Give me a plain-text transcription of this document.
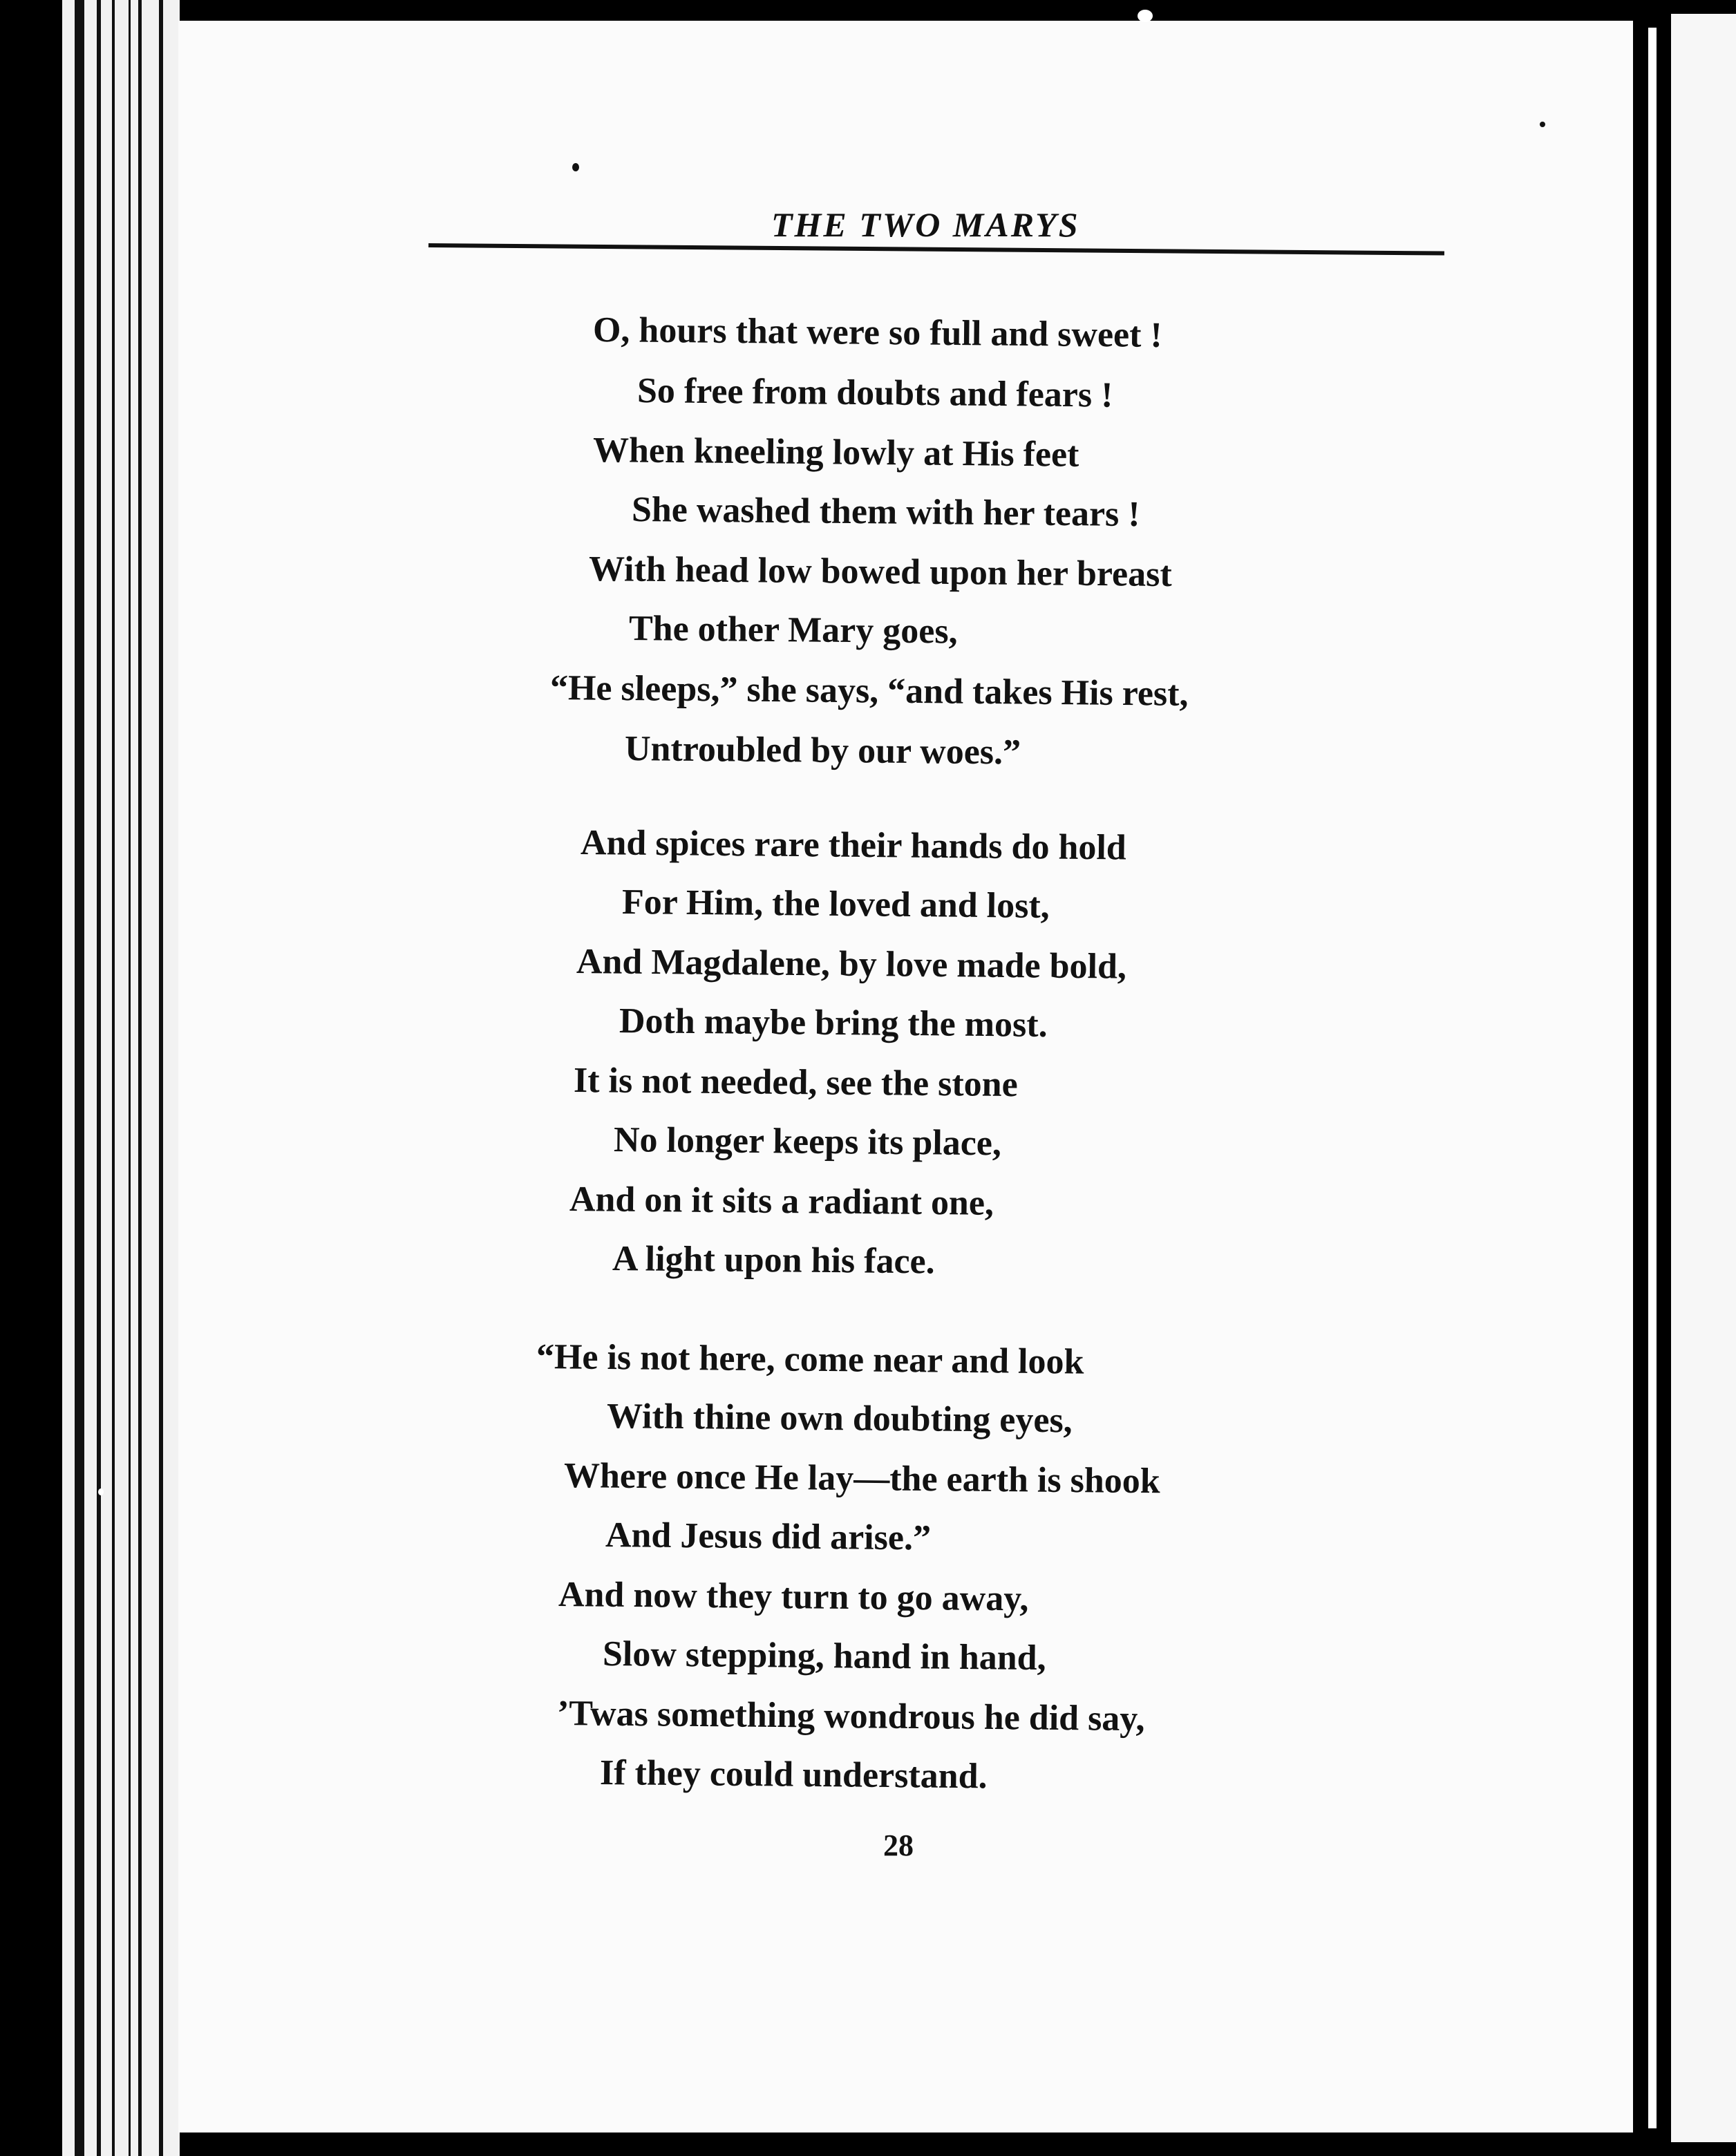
THE TWO MARYS
O, hours that were so full and sweet !
So free from doubts and fears !
When kneeling lowly at His feet
She washed them with her tears !
With head low bowed upon her breast
The other Mary goes,
“He sleeps,” she says, “and takes His rest,
Untroubled by our woes.”
And spices rare their hands do hold
For Him, the loved and lost,
And Magdalene, by love made bold,
Doth maybe bring the most.
It is not needed, see the stone
No longer keeps its place,
And on it sits a radiant one,
A light upon his face.
“He is not here, come near and look
With thine own doubting eyes,
Where once He lay—the earth is shook
And Jesus did arise.”
And now they turn to go away,
Slow stepping, hand in hand,
’Twas something wondrous he did say,
If they could understand.
28
